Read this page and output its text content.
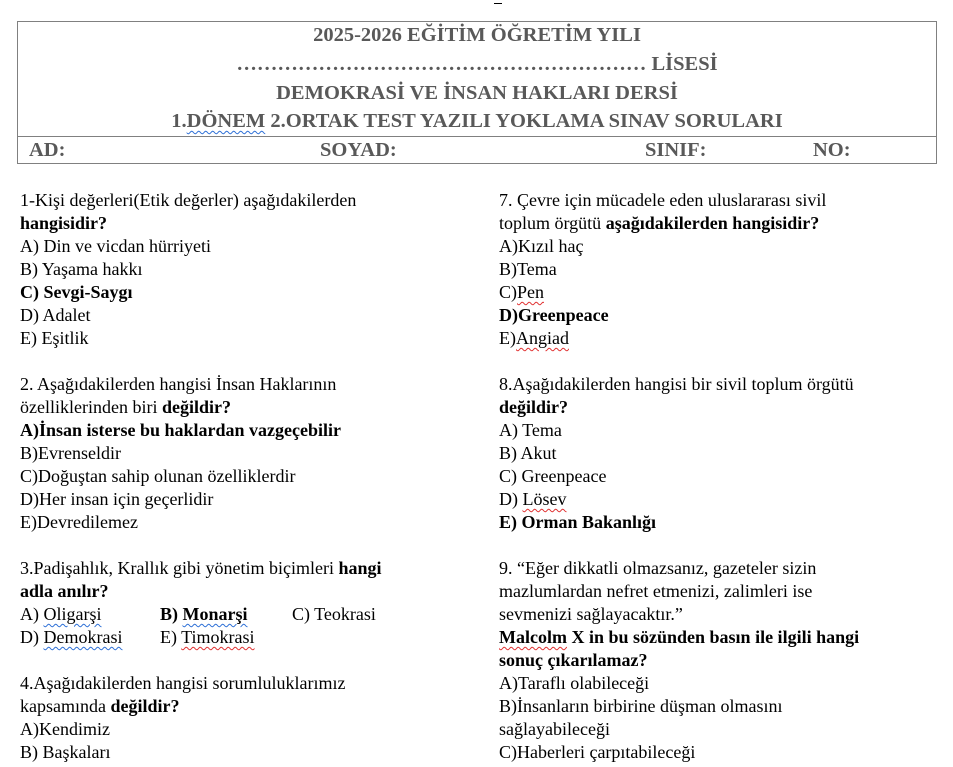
2025-2026 EĞİTİM ÖĞRETİM YILI
…………………………………………………… LİSESİ
DEMOKRASİ VE İNSAN HAKLARI DERSİ
1.DÖNEM 2.ORTAK TEST YAZILI YOKLAMA SINAV SORULARI
AD:	SOYAD:	SINIF:	NO:
1-Kişi değerleri(Etik değerler) aşağıdakilerden
hangisidir?
A) Din ve vicdan hürriyeti
B) Yaşama hakkı
C) Sevgi-Saygı
D) Adalet
E) Eşitlik
2. Aşağıdakilerden hangisi İnsan Haklarının
özelliklerinden biri değildir?
A)İnsan isterse bu haklardan vazgeçebilir
B)Evrenseldir
C)Doğuştan sahip olunan özelliklerdir
D)Her insan için geçerlidir
E)Devredilemez
3.Padişahlık, Krallık gibi yönetim biçimleri hangi
adla anılır?
A) Oligarşi	B) Monarşi C) Teokrasi
D) Demokrasi E) Timokrasi
4.Aşağıdakilerden hangisi sorumluluklarımız
kapsamında değildir?
A)Kendimiz
B) Başkaları
7. Çevre için mücadele eden uluslararası sivil
toplum örgütü aşağıdakilerden hangisidir?
A)Kızıl haç
B)Tema
C)Pen
D)Greenpeace
E)Angiad
8.Aşağıdakilerden hangisi bir sivil toplum örgütü
değildir?
A) Tema
B) Akut
C) Greenpeace
D) Lösev
E) Orman Bakanlığı
9. “Eğer dikkatli olmazsanız, gazeteler sizin
mazlumlardan nefret etmenizi, zalimleri ise
sevmenizi sağlayacaktır.”
Malcolm X in bu sözünden basın ile ilgili hangi
sonuç çıkarılamaz?
A)Taraflı olabileceği
B)İnsanların birbirine düşman olmasını
sağlayabileceği
C)Haberleri çarpıtabileceği
